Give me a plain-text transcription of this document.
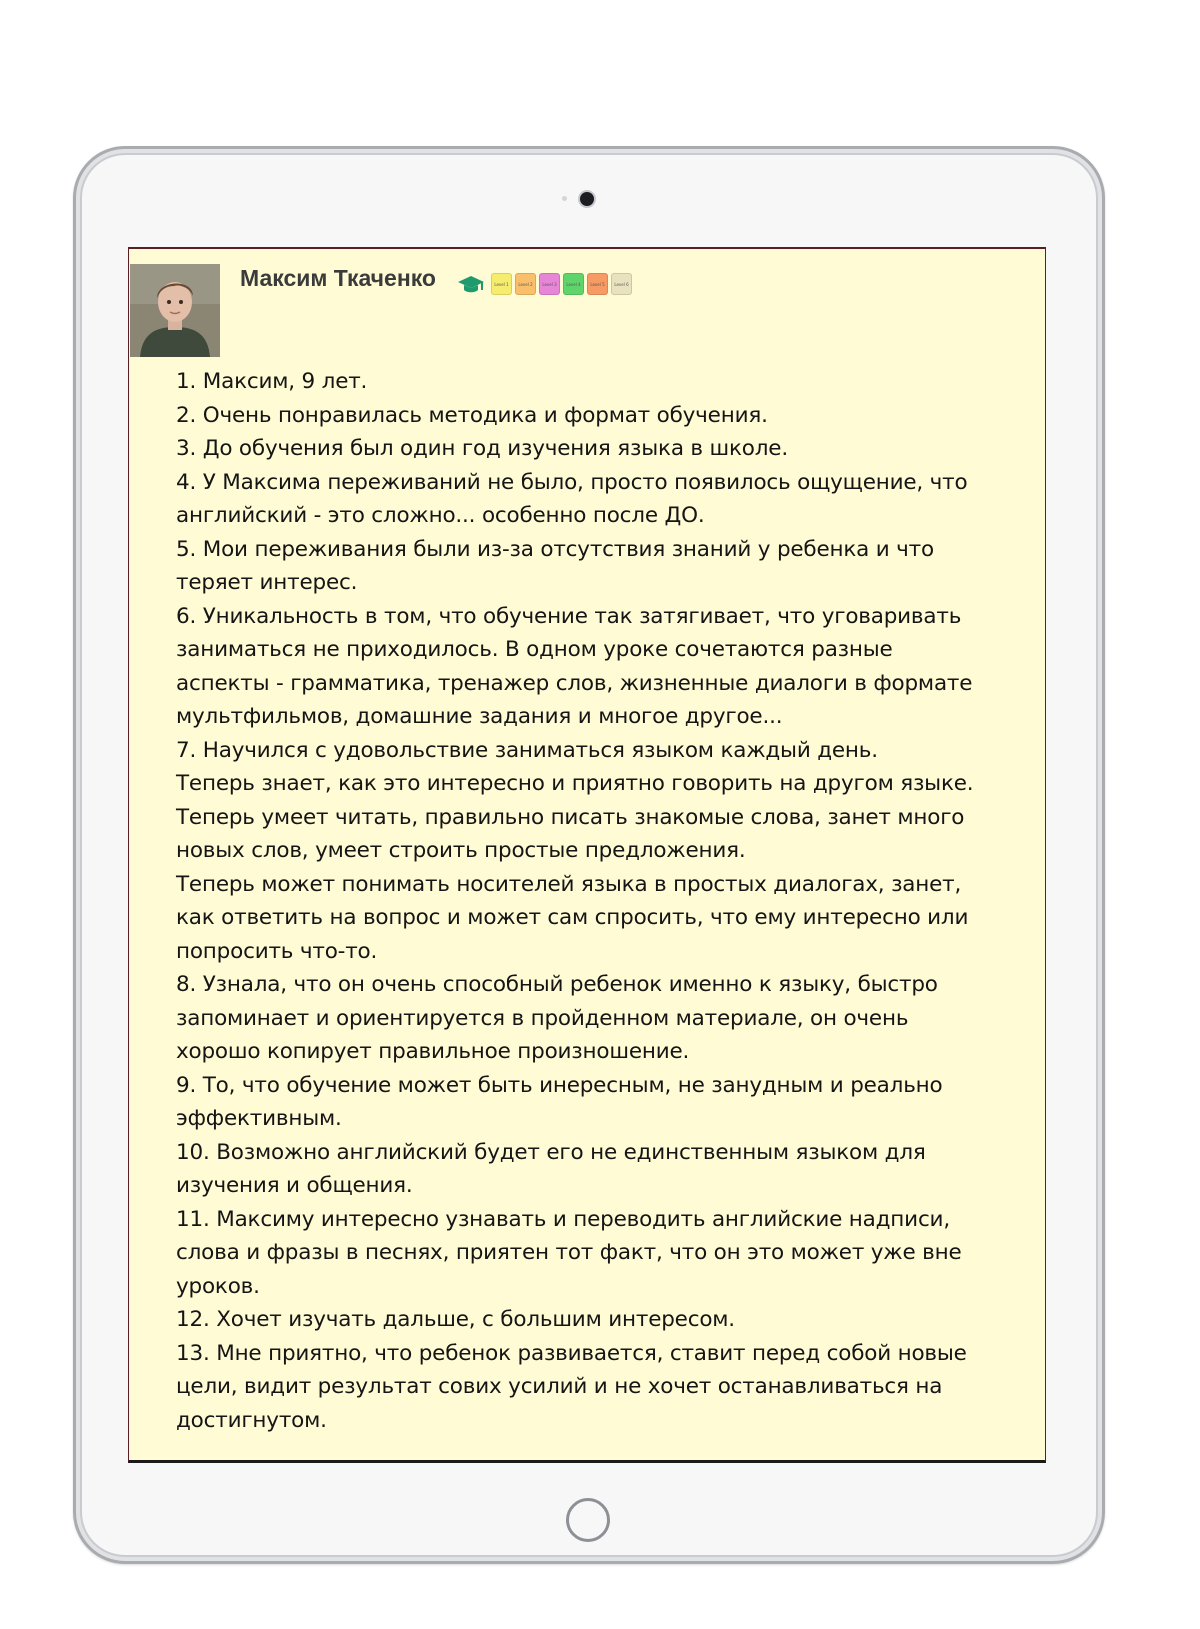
Максим Ткаченко	Level 1	Level 2	Level 3	Level 4	Level 5	Level 6
1. Максим, 9 лет.
2. Очень понравилась методика и формат обучения.
3. До обучения был один год изучения языка в школе.
4. У Максима переживаний не было, просто появилось ощущение, что
английский - это сложно... особенно после ДО.
5. Мои переживания были из-за отсутствия знаний у ребенка и что
теряет интерес.
6. Уникальность в том, что обучение так затягивает, что уговаривать
заниматься не приходилось. В одном уроке сочетаются разные
аспекты - грамматика, тренажер слов, жизненные диалоги в формате
мультфильмов, домашние задания и многое другое...
7. Научился с удовольствие заниматься языком каждый день.
Теперь знает, как это интересно и приятно говорить на другом языке.
Теперь умеет читать, правильно писать знакомые слова, занет много
новых слов, умеет строить простые предложения.
Теперь может понимать носителей языка в простых диалогах, занет,
как ответить на вопрос и может сам спросить, что ему интересно или
попросить что-то.
8. Узнала, что он очень способный ребенок именно к языку, быстро
запоминает и ориентируется в пройденном материале, он очень
хорошо копирует правильное произношение.
9. То, что обучение может быть инересным, не занудным и реально
эффективным.
10. Возможно английский будет его не единственным языком для
изучения и общения.
11. Максиму интересно узнавать и переводить английские надписи,
слова и фразы в песнях, приятен тот факт, что он это может уже вне
уроков.
12. Хочет изучать дальше, с большим интересом.
13. Мне приятно, что ребенок развивается, ставит перед собой новые
цели, видит результат сових усилий и не хочет останавливаться на
достигнутом.
